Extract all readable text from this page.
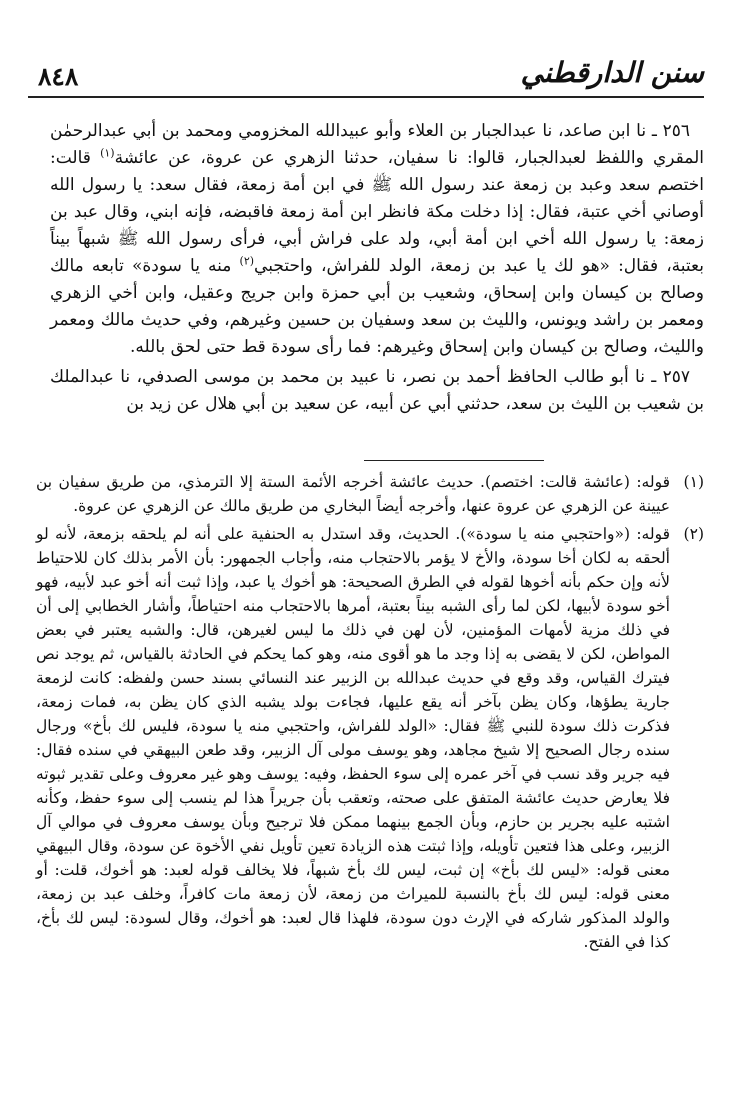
٨٤٨	سنن الدارقطني

٢٥٦ ـ نا ابن صاعد، نا عبدالجبار بن العلاء وأبو عبيدالله المخزومي ومحمد بن أبي عبدالرحمٰن المقري واللفظ لعبدالجبار، قالوا: نا سفيان، حدثنا الزهري عن عروة، عن عائشة$^{(١)}$ قالت: اختصم سعد وعبد بن زمعة عند رسول الله ﷺ في ابن أمة زمعة، فقال سعد: يا رسول الله أوصاني أخي عتبة، فقال: إذا دخلت مكة فانظر ابن أمة زمعة فاقبضه، فإنه ابني، وقال عبد بن زمعة: يا رسول الله أخي ابن أمة أبي، ولد على فراش أبي، فرأى رسول الله ﷺ شبهاً بيناً بعتبة، فقال: «هو لك يا عبد بن زمعة، الولد للفراش، واحتجبي$^{(٢)}$ منه يا سودة» تابعه مالك وصالح بن كيسان وابن إسحاق، وشعيب بن أبي حمزة وابن جريج وعقيل، وابن أخي الزهري ومعمر بن راشد ويونس، والليث بن سعد وسفيان بن حسين وغيرهم، وفي حديث مالك ومعمر والليث، وصالح بن كيسان وابن إسحاق وغيرهم: فما رأى سودة قط حتى لحق بالله.

٢٥٧ ـ نا أبو طالب الحافظ أحمد بن نصر، نا عبيد بن محمد بن موسى الصدفي، نا عبدالملك بن شعيب بن الليث بن سعد، حدثني أبي عن أبيه، عن سعيد بن أبي هلال عن زيد بن

(١)
قوله: (عائشة قالت: اختصم). حديث عائشة أخرجه الأئمة الستة إلا الترمذي، من طريق سفيان بن عيينة عن الزهري عن عروة عنها، وأخرجه أيضاً البخاري من طريق مالك عن الزهري عن عروة.
(٢)
قوله: («واحتجبي منه يا سودة»). الحديث، وقد استدل به الحنفية على أنه لم يلحقه بزمعة، لأنه لو ألحقه به لكان أخا سودة، والأخ لا يؤمر بالاحتجاب منه، وأجاب الجمهور: بأن الأمر بذلك كان للاحتياط لأنه وإن حكم بأنه أخوها لقوله في الطرق الصحيحة: هو أخوك يا عبد، وإذا ثبت أنه أخو عبد لأبيه، فهو أخو سودة لأبيها، لكن لما رأى الشبه بيناً بعتبة، أمرها بالاحتجاب منه احتياطاً، وأشار الخطابي إلى أن في ذلك مزية لأمهات المؤمنين، لأن لهن في ذلك ما ليس لغيرهن، قال: والشبه يعتبر في بعض المواطن، لكن لا يقضى به إذا وجد ما هو أقوى منه، وهو كما يحكم في الحادثة بالقياس، ثم يوجد نص فيترك القياس، وقد وقع في حديث عبدالله بن الزبير عند النسائي بسند حسن ولفظه: كانت لزمعة جارية يطؤها، وكان يظن بآخر أنه يقع عليها، فجاءت بولد يشبه الذي كان يظن به، فمات زمعة، فذكرت ذلك سودة للنبي ﷺ فقال: «الولد للفراش، واحتجبي منه يا سودة، فليس لك بأخ» ورجال سنده رجال الصحيح إلا شيخ مجاهد، وهو يوسف مولى آل الزبير، وقد طعن البيهقي في سنده فقال: فيه جرير وقد نسب في آخر عمره إلى سوء الحفظ، وفيه: يوسف وهو غير معروف وعلى تقدير ثبوته فلا يعارض حديث عائشة المتفق على صحته، وتعقب بأن جريراً هذا لم ينسب إلى سوء حفظ، وكأنه اشتبه عليه بجرير بن حازم، وبأن الجمع بينهما ممكن فلا ترجيح وبأن يوسف معروف في موالي آل الزبير، وعلى هذا فتعين تأويله، وإذا ثبتت هذه الزيادة تعين تأويل نفي الأخوة عن سودة، وقال البيهقي معنى قوله: «ليس لك بأخ» إن ثبت، ليس لك بأخ شبهاً، فلا يخالف قوله لعبد: هو أخوك، قلت: أو معنى قوله: ليس لك بأخ بالنسبة للميراث من زمعة، لأن زمعة مات كافراً، وخلف عبد بن زمعة، والولد المذكور شاركه في الإرث دون سودة، فلهذا قال لعبد: هو أخوك، وقال لسودة: ليس لك بأخ، كذا في الفتح.
